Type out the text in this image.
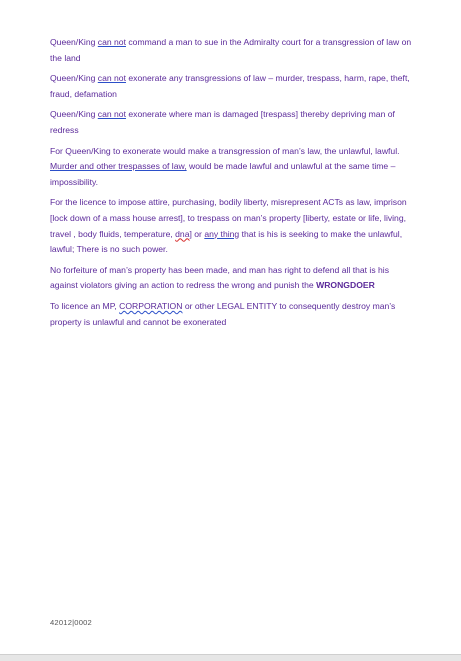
Queen/King can not command a man to sue in the Admiralty court for a transgression of law on the land

Queen/King can not exonerate any transgressions of law – murder, trespass, harm, rape, theft, fraud, defamation

Queen/King can not exonerate where man is damaged [trespass] thereby depriving man of redress

For Queen/King to exonerate would make a transgression of man’s law, the unlawful, lawful. Murder and other trespasses of law, would be made lawful and unlawful at the same time – impossibility.

For the licence to impose attire, purchasing, bodily liberty, misrepresent ACTs as law, imprison [lock down of a mass house arrest], to trespass on man’s property [liberty, estate or life, living, travel , body fluids, temperature, dna] or any thing that is his is seeking to make the unlawful, lawful; There is no such power.

No forfeiture of man’s property has been made, and man has right to defend all that is his against violators giving an action to redress the wrong and punish the WRONGDOER

To licence an MP, CORPORATION or other LEGAL ENTITY to consequently destroy man’s property is unlawful and cannot be exonerated

42012|0002
